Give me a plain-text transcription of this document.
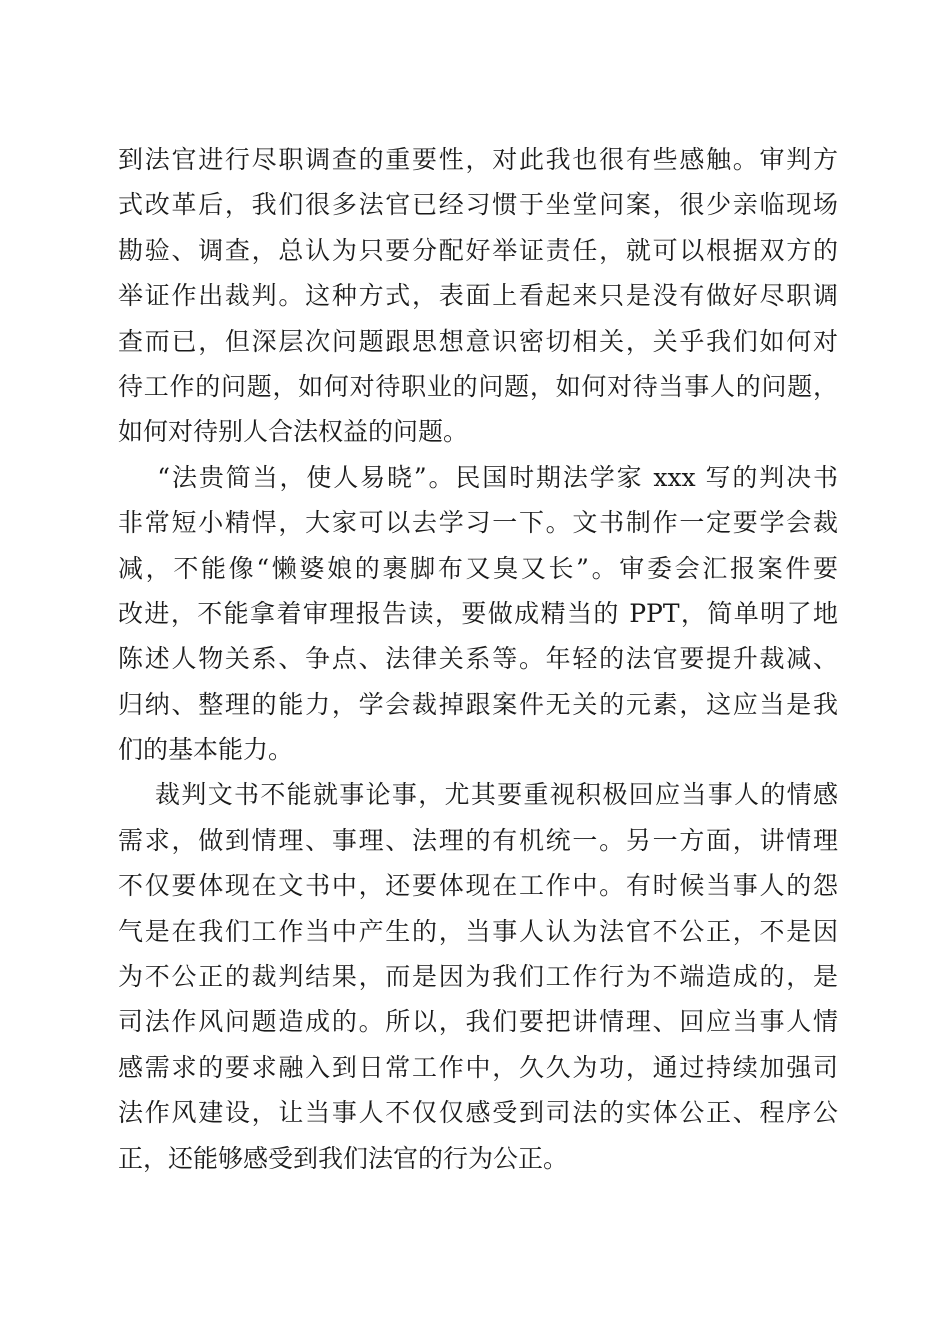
到法官进行尽职调查的重要性，对此我也很有些感触。审判方
式改革后，我们很多法官已经习惯于坐堂问案，很少亲临现场
勘验、调查，总认为只要分配好举证责任，就可以根据双方的
举证作出裁判。这种方式，表面上看起来只是没有做好尽职调
查而已，但深层次问题跟思想意识密切相关，关乎我们如何对
待工作的问题，如何对待职业的问题，如何对待当事人的问题，
如何对待别人合法权益的问题。
“法贵简当，使人易晓”。民国时期法学家 xxx 写的判决书
非常短小精悍，大家可以去学习一下。文书制作一定要学会裁
减，不能像“懒婆娘的裹脚布又臭又长”。审委会汇报案件要
改进，不能拿着审理报告读，要做成精当的 PPT，简单明了地
陈述人物关系、争点、法律关系等。年轻的法官要提升裁减、
归纳、整理的能力，学会裁掉跟案件无关的元素，这应当是我
们的基本能力。
裁判文书不能就事论事，尤其要重视积极回应当事人的情感
需求，做到情理、事理、法理的有机统一。另一方面，讲情理
不仅要体现在文书中，还要体现在工作中。有时候当事人的怨
气是在我们工作当中产生的，当事人认为法官不公正，不是因
为不公正的裁判结果，而是因为我们工作行为不端造成的，是
司法作风问题造成的。所以，我们要把讲情理、回应当事人情
感需求的要求融入到日常工作中，久久为功，通过持续加强司
法作风建设，让当事人不仅仅感受到司法的实体公正、程序公
正，还能够感受到我们法官的行为公正。
